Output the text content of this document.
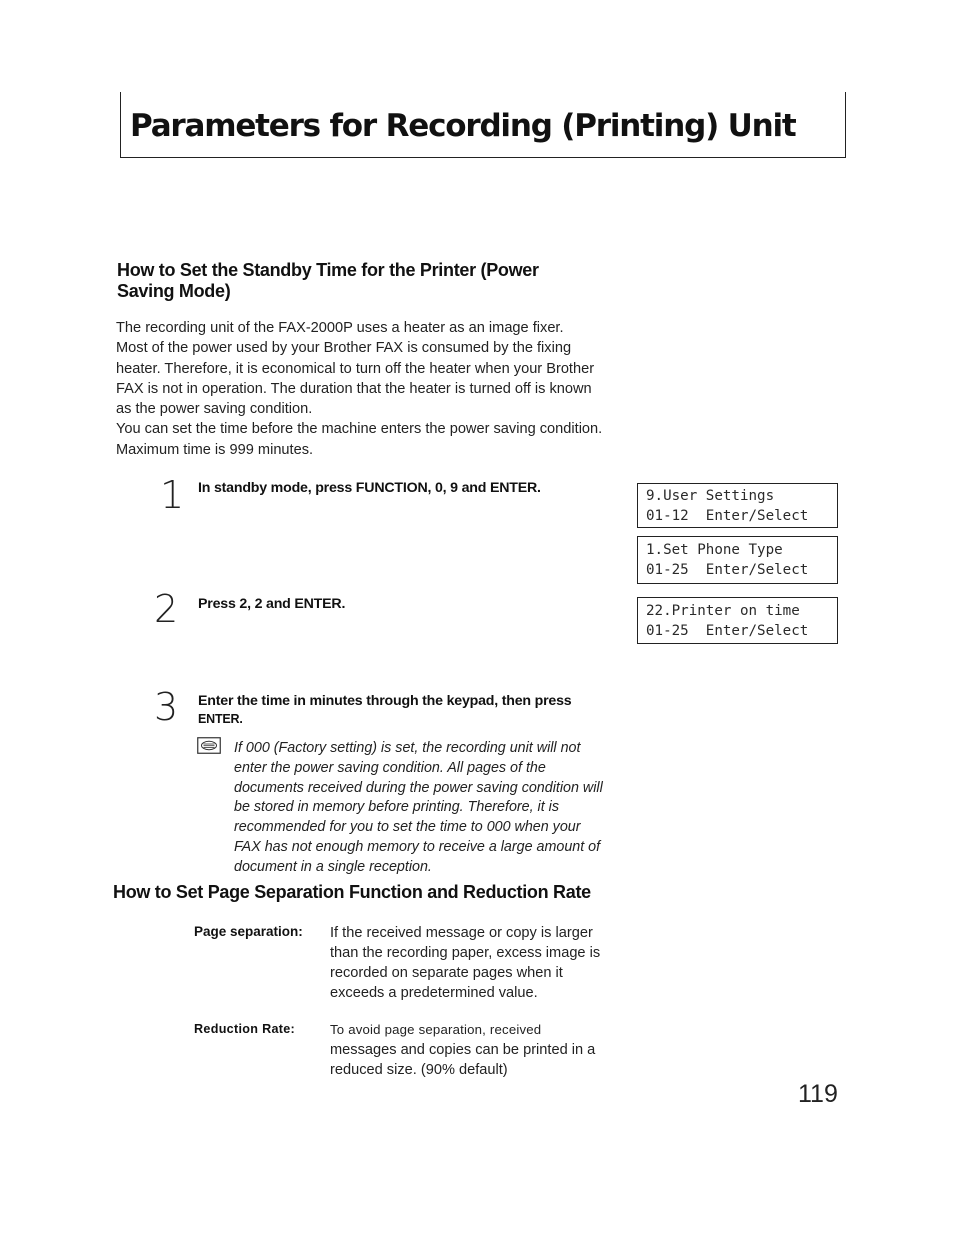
Parameters for Recording (Printing) Unit
How to Set the Standby Time for the Printer (Power Saving Mode)

The recording unit of the FAX-2000P uses a heater as an image fixer.

Most of the power used by your Brother FAX is consumed by the fixing heater. Therefore, it is economical to turn off the heater when your Brother FAX is not in operation. The duration that the heater is turned off is known as the power saving condition.

You can set the time before the machine enters the power saving condition. Maximum time is 999 minutes.

1 In standby mode, press FUNCTION, 0, 9 and ENTER.
2 Press 2, 2 and ENTER.
3 Enter the time in minutes through the keypad, then press
ENTER.
9.User Settings
01-12  Enter/Select
1.Set Phone Type
01-25  Enter/Select
22.Printer on time
01-25  Enter/Select
If 000 (Factory setting) is set, the recording unit will not enter the power saving condition. All pages of the documents received during the power saving condition will be stored in memory before printing. Therefore, it is recommended for you to set the time to 000 when your FAX has not enough memory to receive a large amount of document in a single reception.
How to Set Page Separation Function and Reduction Rate
Page separation: If the received message or copy is larger than the recording paper, excess image is recorded on separate pages when it exceeds a predetermined value.
Reduction Rate:	To avoid page separation, received
messages and copies can be printed in a reduced size. (90% default)
119
